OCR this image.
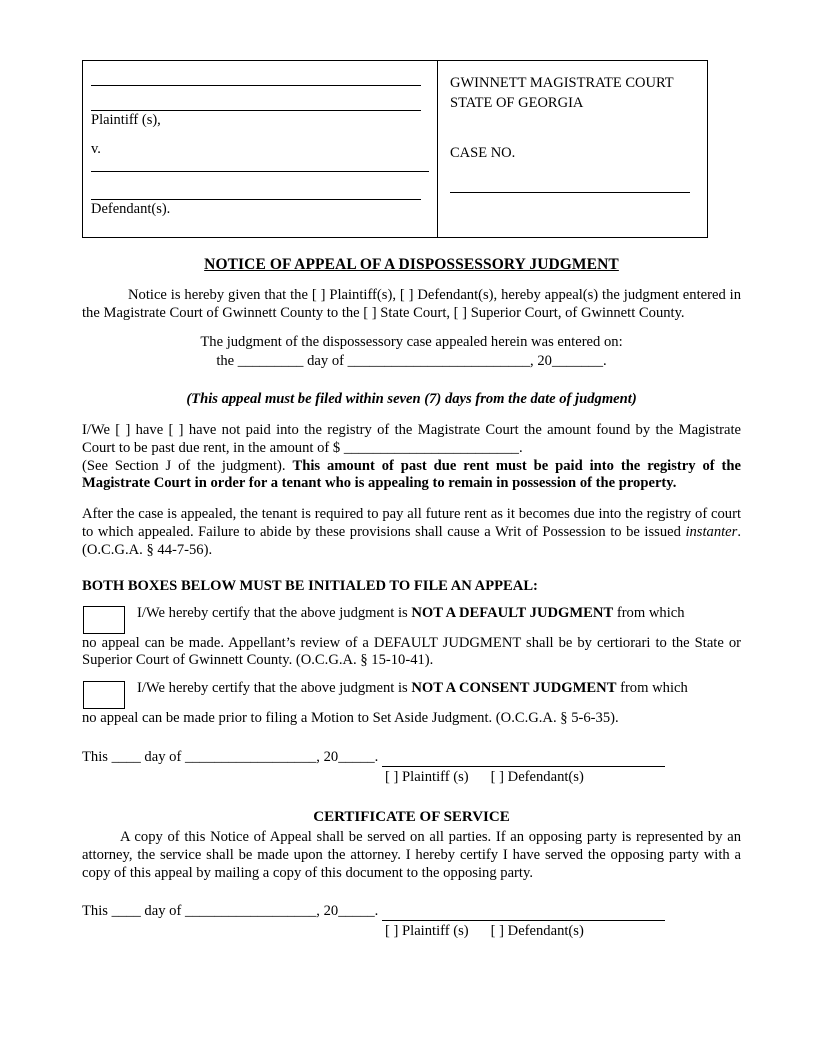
Plaintiff (s),
v.
Defendant(s).
GWINNETT MAGISTRATE COURT
STATE OF GEORGIA
CASE NO.
NOTICE OF APPEAL OF A DISPOSSESSORY JUDGMENT

Notice is hereby given that the [ ] Plaintiff(s), [ ] Defendant(s), hereby appeal(s) the judgment entered in the Magistrate Court of Gwinnett County to the [ ] State Court, [ ] Superior Court, of Gwinnett County.

The judgment of the dispossessory case appealed herein was entered on:

the _________ day of _________________________, 20_______.

(This appeal must be filed within seven (7) days from the date of judgment)

I/We [ ] have [ ] have not paid into the registry of the Magistrate Court the amount found by the Magistrate Court to be past due rent, in the amount of $ ________________________.

(See Section J of the judgment). This amount of past due rent must be paid into the registry of the Magistrate Court in order for a tenant who is appealing to remain in possession of the property.

After the case is appealed, the tenant is required to pay all future rent as it becomes due into the registry of court to which appealed. Failure to abide by these provisions shall cause a Writ of Possession to be issued instanter. (O.C.G.A. § 44-7-56).

BOTH BOXES BELOW MUST BE INITIALED TO FILE AN APPEAL:
I/We hereby certify that the above judgment is NOT A DEFAULT JUDGMENT from which
no appeal can be made. Appellant’s review of a DEFAULT JUDGMENT shall be by certiorari to the State or Superior Court of Gwinnett County. (O.C.G.A. § 15-10-41).
I/We hereby certify that the above judgment is NOT A CONSENT JUDGMENT from which
no appeal can be made prior to filing a Motion to Set Aside Judgment. (O.C.G.A. § 5-6-35).
This ____ day of __________________, 20_____.
[ ] Plaintiff (s) [ ] Defendant(s)
CERTIFICATE OF SERVICE

A copy of this Notice of Appeal shall be served on all parties. If an opposing party is represented by an attorney, the service shall be made upon the attorney. I hereby certify I have served the opposing party with a copy of this appeal by mailing a copy of this document to the opposing party.

This ____ day of __________________, 20_____.
[ ] Plaintiff (s) [ ] Defendant(s)
